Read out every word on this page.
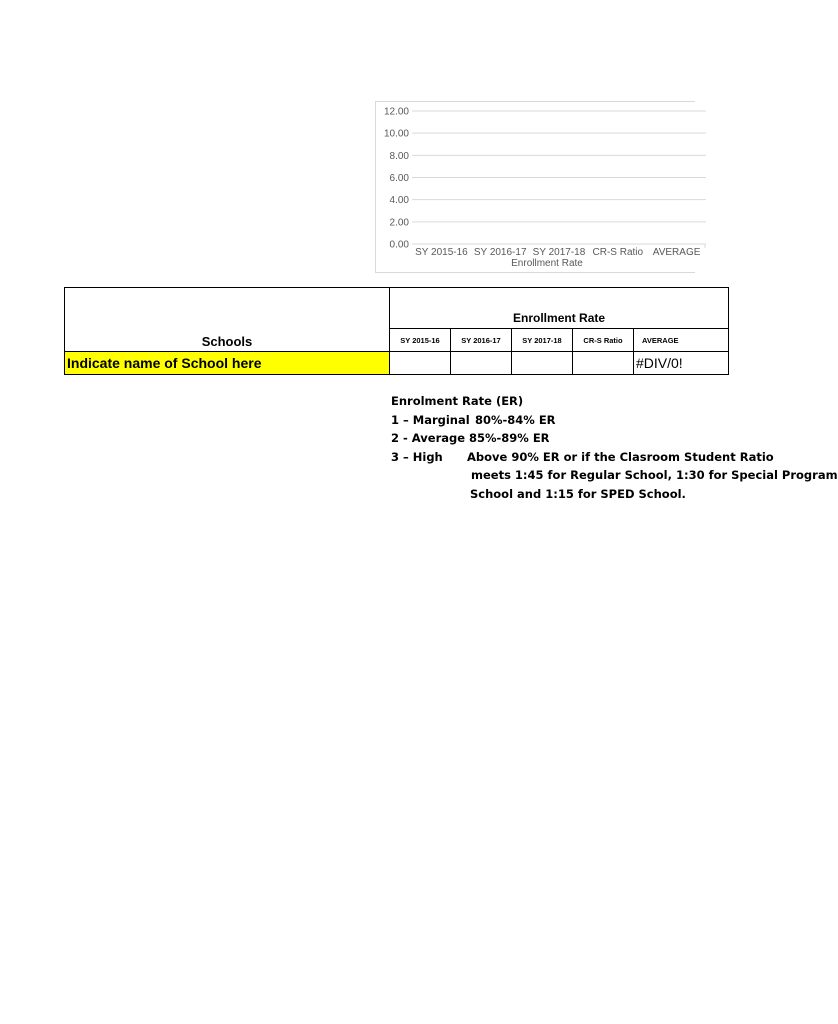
0.00
2.00
4.00
6.00
8.00
10.00
12.00
SY 2015-16 SY 2016-17 SY 2017-18 CR-S Ratio AVERAGE
Enrollment Rate
Schools	Enrollment Rate				
	SY 2015-16	SY 2016-17	SY 2017-18	CR-S Ratio	AVERAGE
Indicate name of School here					#DIV/0!
Enrolment Rate (ER)
1 – Marginal 80%-84% ER
2 - Average 85%-89% ER
3 – High Above 90% ER or if the Clasroom Student Ratio
meets 1:45 for Regular School, 1:30 for Special Program
School and 1:15 for SPED School.
